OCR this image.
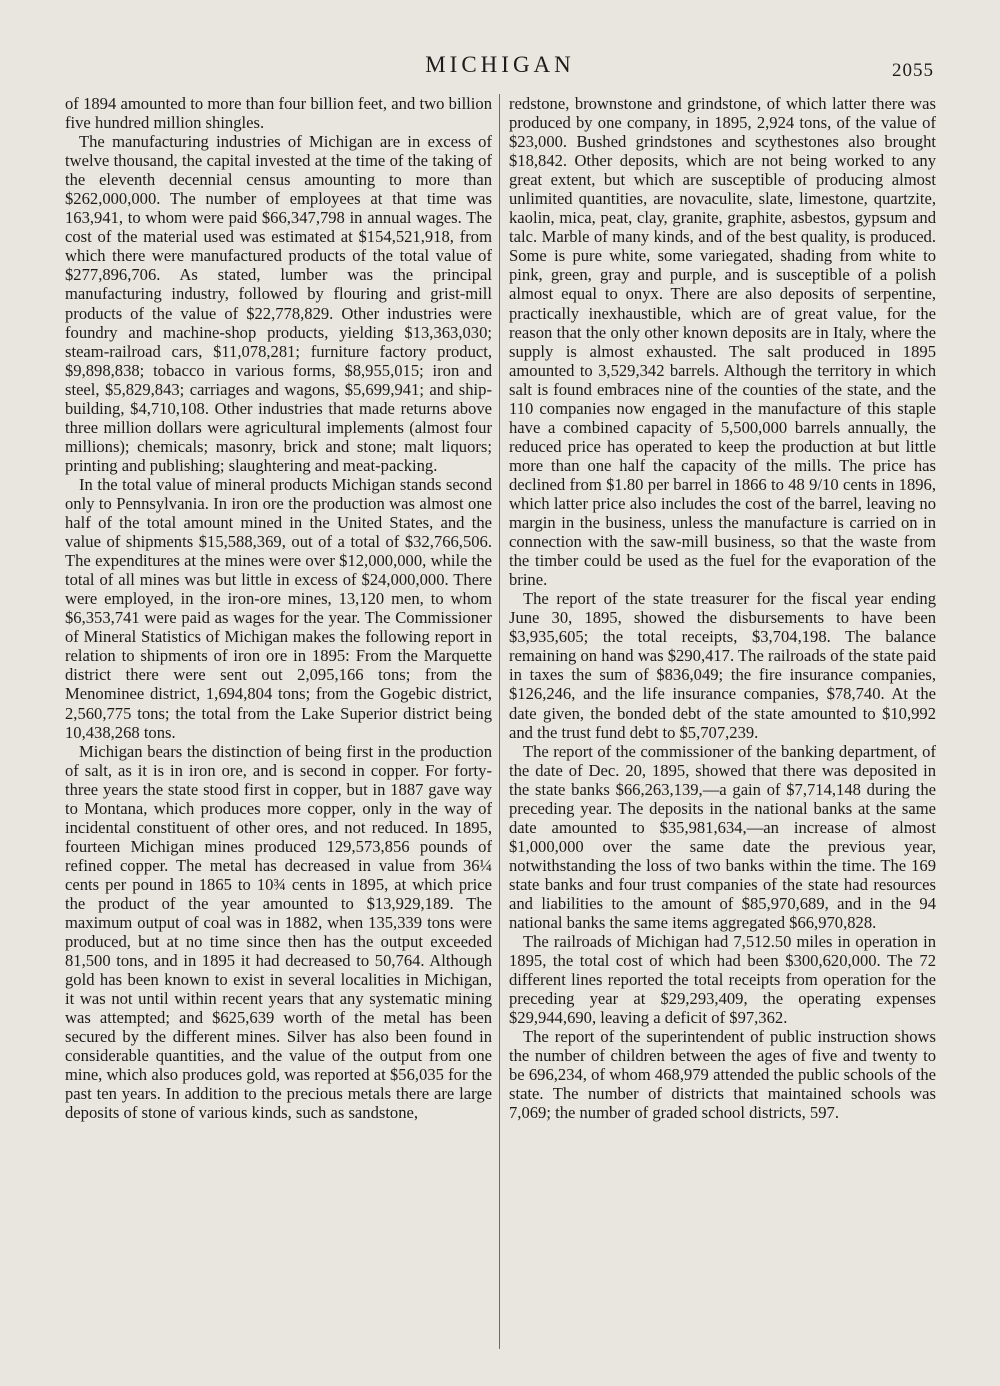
MICHIGAN	2055

of 1894 amounted to more than four billion feet, and two billion five hundred million shingles.

The manufacturing industries of Michigan are in excess of twelve thousand, the capital invested at the time of the taking of the eleventh decennial census amounting to more than $262,000,000. The number of employees at that time was 163,941, to whom were paid $66,347,798 in annual wages. The cost of the material used was estimated at $154,521,918, from which there were manufactured products of the total value of $277,896,706. As stated, lumber was the principal manufacturing industry, followed by flouring and grist-mill products of the value of $22,778,829. Other industries were foundry and machine-shop products, yielding $13,363,030; steam-railroad cars, $11,078,281; furniture factory product, $9,898,838; tobacco in various forms, $8,955,015; iron and steel, $5,829,843; carriages and wagons, $5,699,941; and ship-building, $4,710,108. Other industries that made returns above three million dollars were agricultural implements (almost four millions); chemicals; masonry, brick and stone; malt liquors; printing and publishing; slaughtering and meat-packing.

In the total value of mineral products Michigan stands second only to Pennsylvania. In iron ore the production was almost one half of the total amount mined in the United States, and the value of shipments $15,588,369, out of a total of $32,766,506. The expenditures at the mines were over $12,000,000, while the total of all mines was but little in excess of $24,000,000. There were employed, in the iron-ore mines, 13,120 men, to whom $6,353,741 were paid as wages for the year. The Commissioner of Mineral Statistics of Michigan makes the following report in relation to shipments of iron ore in 1895: From the Marquette district there were sent out 2,095,166 tons; from the Menominee district, 1,694,804 tons; from the Gogebic district, 2,560,775 tons; the total from the Lake Superior district being 10,438,268 tons.

Michigan bears the distinction of being first in the production of salt, as it is in iron ore, and is second in copper. For forty-three years the state stood first in copper, but in 1887 gave way to Montana, which produces more copper, only in the way of incidental constituent of other ores, and not reduced. In 1895, fourteen Michigan mines produced 129,573,856 pounds of refined copper. The metal has decreased in value from 36¼ cents per pound in 1865 to 10¾ cents in 1895, at which price the product of the year amounted to $13,929,189. The maximum output of coal was in 1882, when 135,339 tons were produced, but at no time since then has the output exceeded 81,500 tons, and in 1895 it had decreased to 50,764. Although gold has been known to exist in several localities in Michigan, it was not until within recent years that any systematic mining was attempted; and $625,639 worth of the metal has been secured by the different mines. Silver has also been found in considerable quantities, and the value of the output from one mine, which also produces gold, was reported at $56,035 for the past ten years. In addition to the precious metals there are large deposits of stone of various kinds, such as sandstone,

redstone, brownstone and grindstone, of which latter there was produced by one company, in 1895, 2,924 tons, of the value of $23,000. Bushed grindstones and scythestones also brought $18,842. Other deposits, which are not being worked to any great extent, but which are susceptible of producing almost unlimited quantities, are novaculite, slate, limestone, quartzite, kaolin, mica, peat, clay, granite, graphite, asbestos, gypsum and talc. Marble of many kinds, and of the best quality, is produced. Some is pure white, some variegated, shading from white to pink, green, gray and purple, and is susceptible of a polish almost equal to onyx. There are also deposits of serpentine, practically inexhaustible, which are of great value, for the reason that the only other known deposits are in Italy, where the supply is almost exhausted. The salt produced in 1895 amounted to 3,529,342 barrels. Although the territory in which salt is found embraces nine of the counties of the state, and the 110 companies now engaged in the manufacture of this staple have a combined capacity of 5,500,000 barrels annually, the reduced price has operated to keep the production at but little more than one half the capacity of the mills. The price has declined from $1.80 per barrel in 1866 to 48 9/10 cents in 1896, which latter price also includes the cost of the barrel, leaving no margin in the business, unless the manufacture is carried on in connection with the saw-mill business, so that the waste from the timber could be used as the fuel for the evaporation of the brine.

The report of the state treasurer for the fiscal year ending June 30, 1895, showed the disbursements to have been $3,935,605; the total receipts, $3,704,198. The balance remaining on hand was $290,417. The railroads of the state paid in taxes the sum of $836,049; the fire insurance companies, $126,246, and the life insurance companies, $78,740. At the date given, the bonded debt of the state amounted to $10,992 and the trust fund debt to $5,707,239.

The report of the commissioner of the banking department, of the date of Dec. 20, 1895, showed that there was deposited in the state banks $66,263,139,—a gain of $7,714,148 during the preceding year. The deposits in the national banks at the same date amounted to $35,981,634,—an increase of almost $1,000,000 over the same date the previous year, notwithstanding the loss of two banks within the time. The 169 state banks and four trust companies of the state had resources and liabilities to the amount of $85,970,689, and in the 94 national banks the same items aggregated $66,970,828.

The railroads of Michigan had 7,512.50 miles in operation in 1895, the total cost of which had been $300,620,000. The 72 different lines reported the total receipts from operation for the preceding year at $29,293,409, the operating expenses $29,944,690, leaving a deficit of $97,362.

The report of the superintendent of public instruction shows the number of children between the ages of five and twenty to be 696,234, of whom 468,979 attended the public schools of the state. The number of districts that maintained schools was 7,069; the number of graded school districts, 597.
